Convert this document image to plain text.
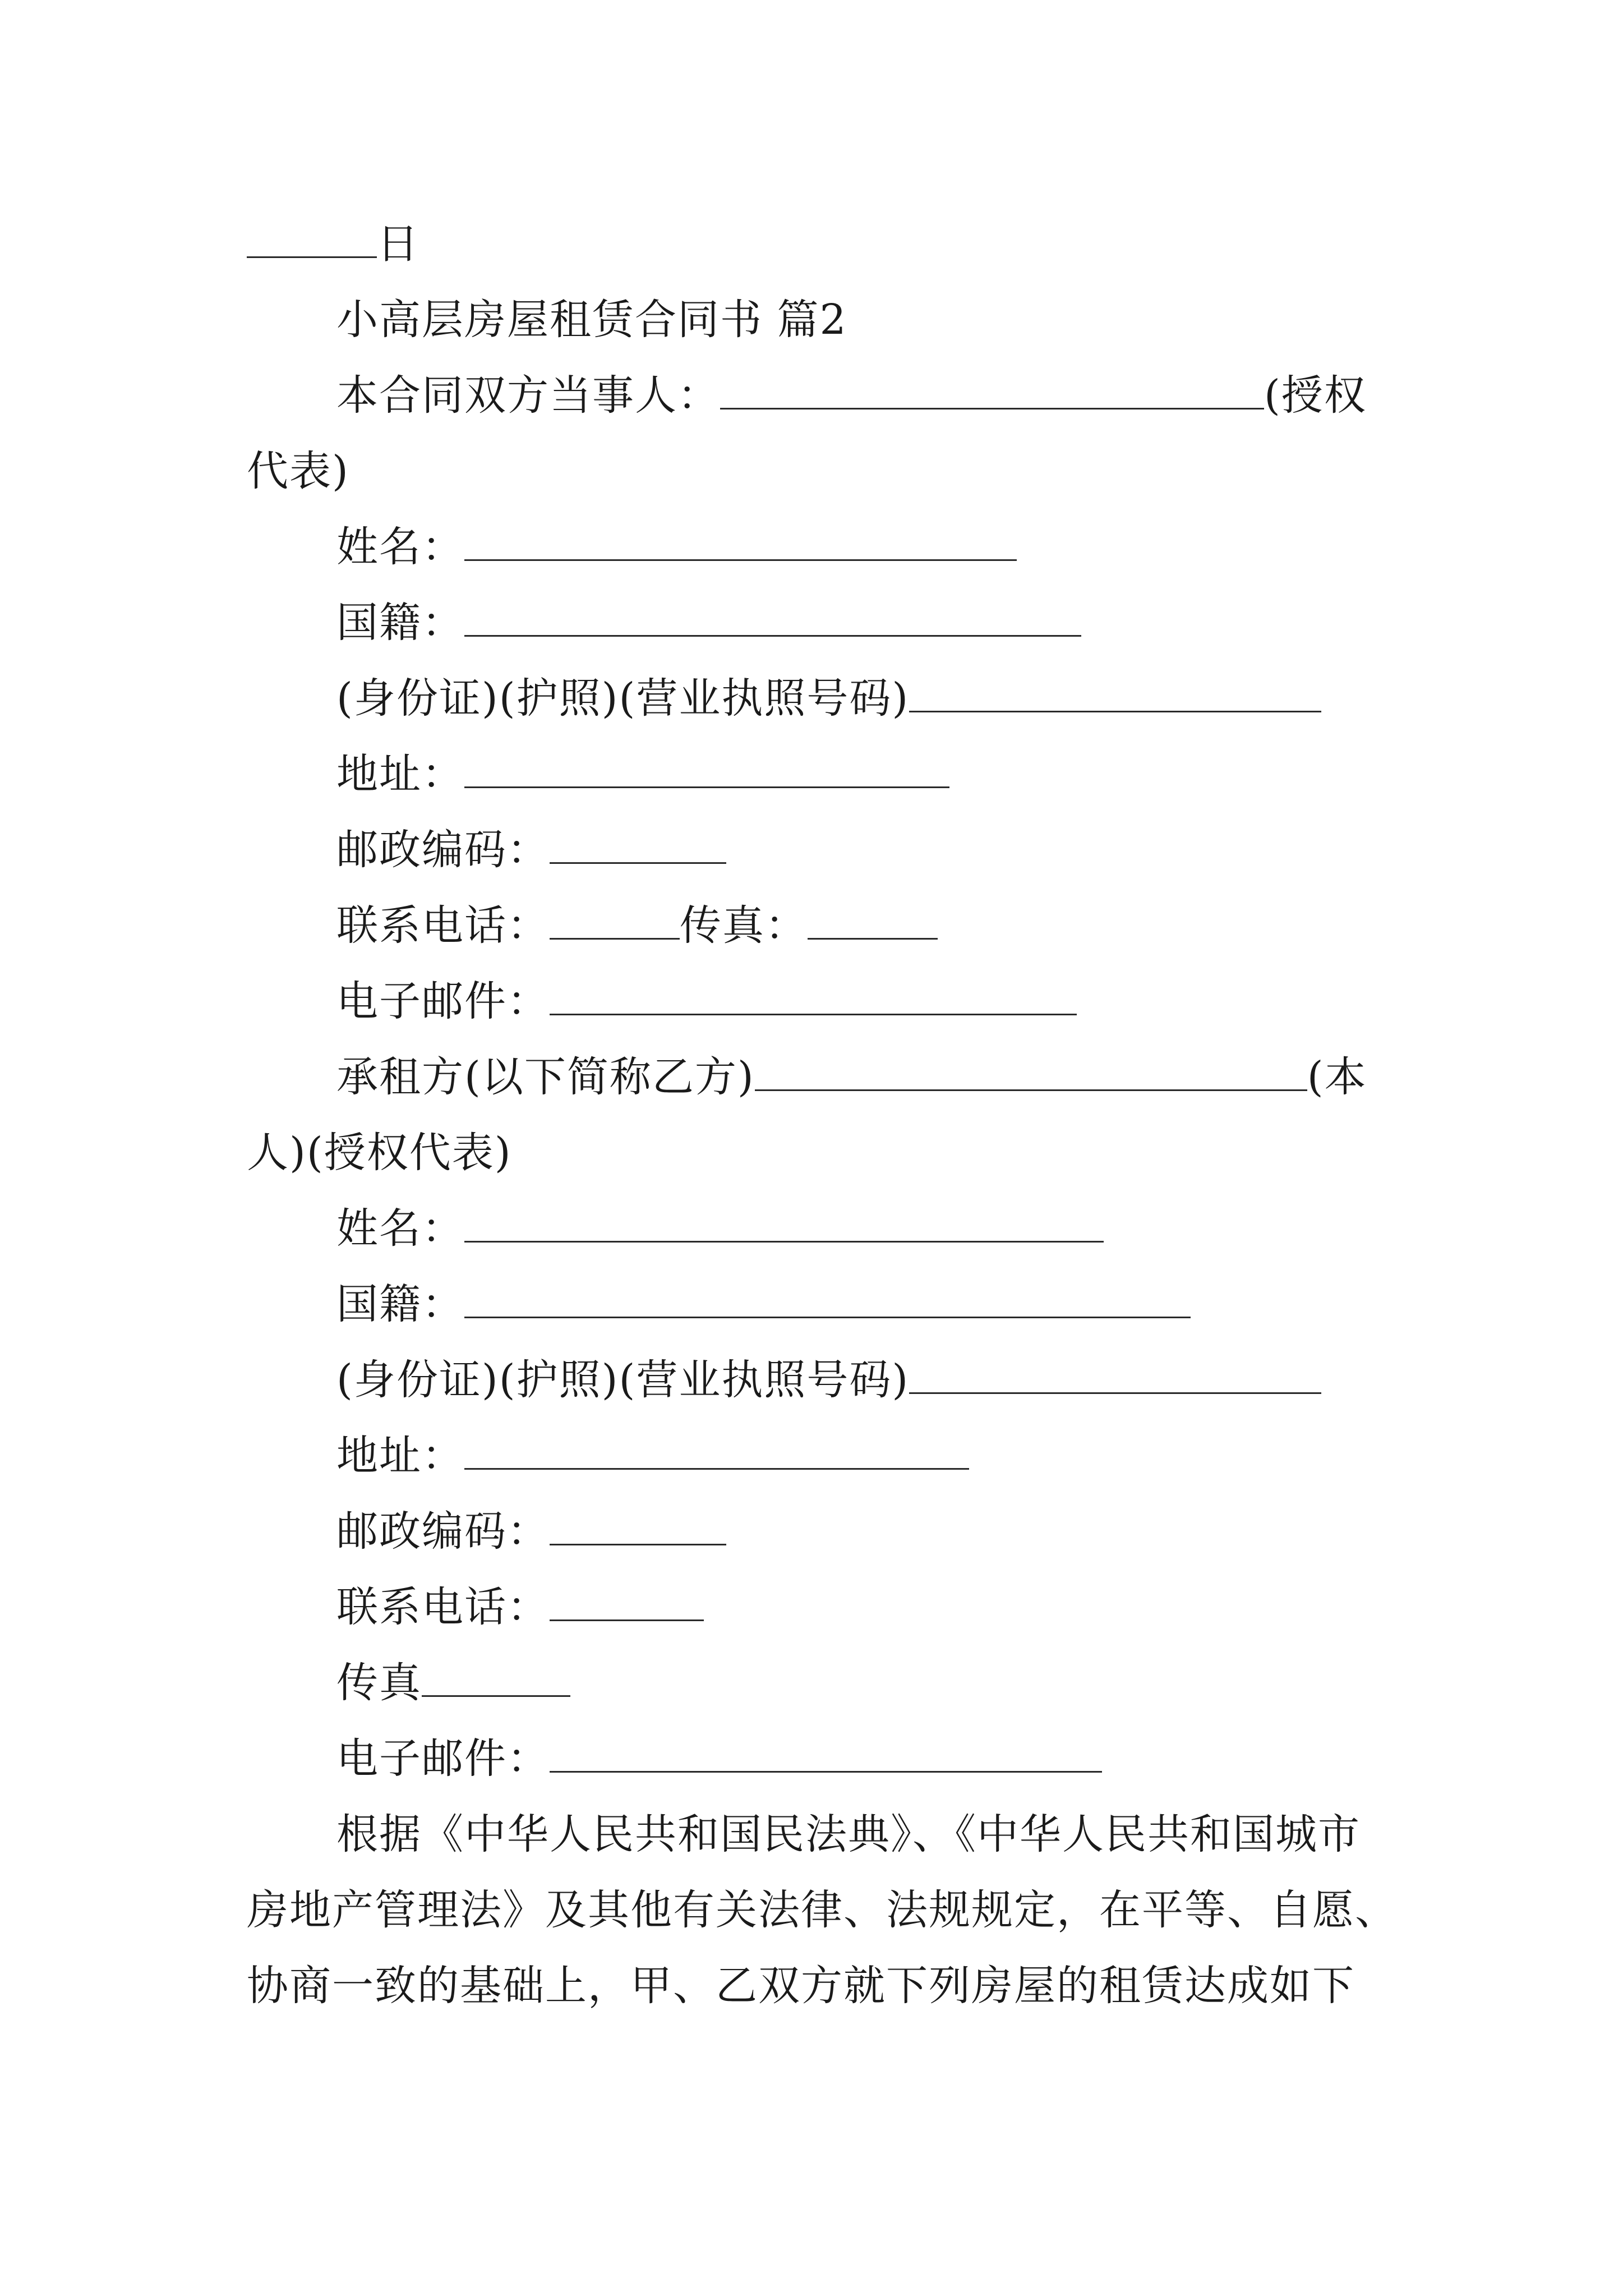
日
小高层房屋租赁合同书 篇2
本合同双方当事人：	(授权
代表)
姓名：
国籍：
(身份证)(护照)(营业执照号码)
地址：
邮政编码：
联系电话：	传真：
电子邮件：
承租方(以下简称乙方)	(本
人)(授权代表)
姓名：
国籍：
(身份证)(护照)(营业执照号码)
地址：
邮政编码：
联系电话：
传真
电子邮件：
根据《中华人民共和国民法典》、《中华人民共和国城市
房地产管理法》及其他有关法律、法规规定，在平等、自愿、
协商一致的基础上，甲、乙双方就下列房屋的租赁达成如下
